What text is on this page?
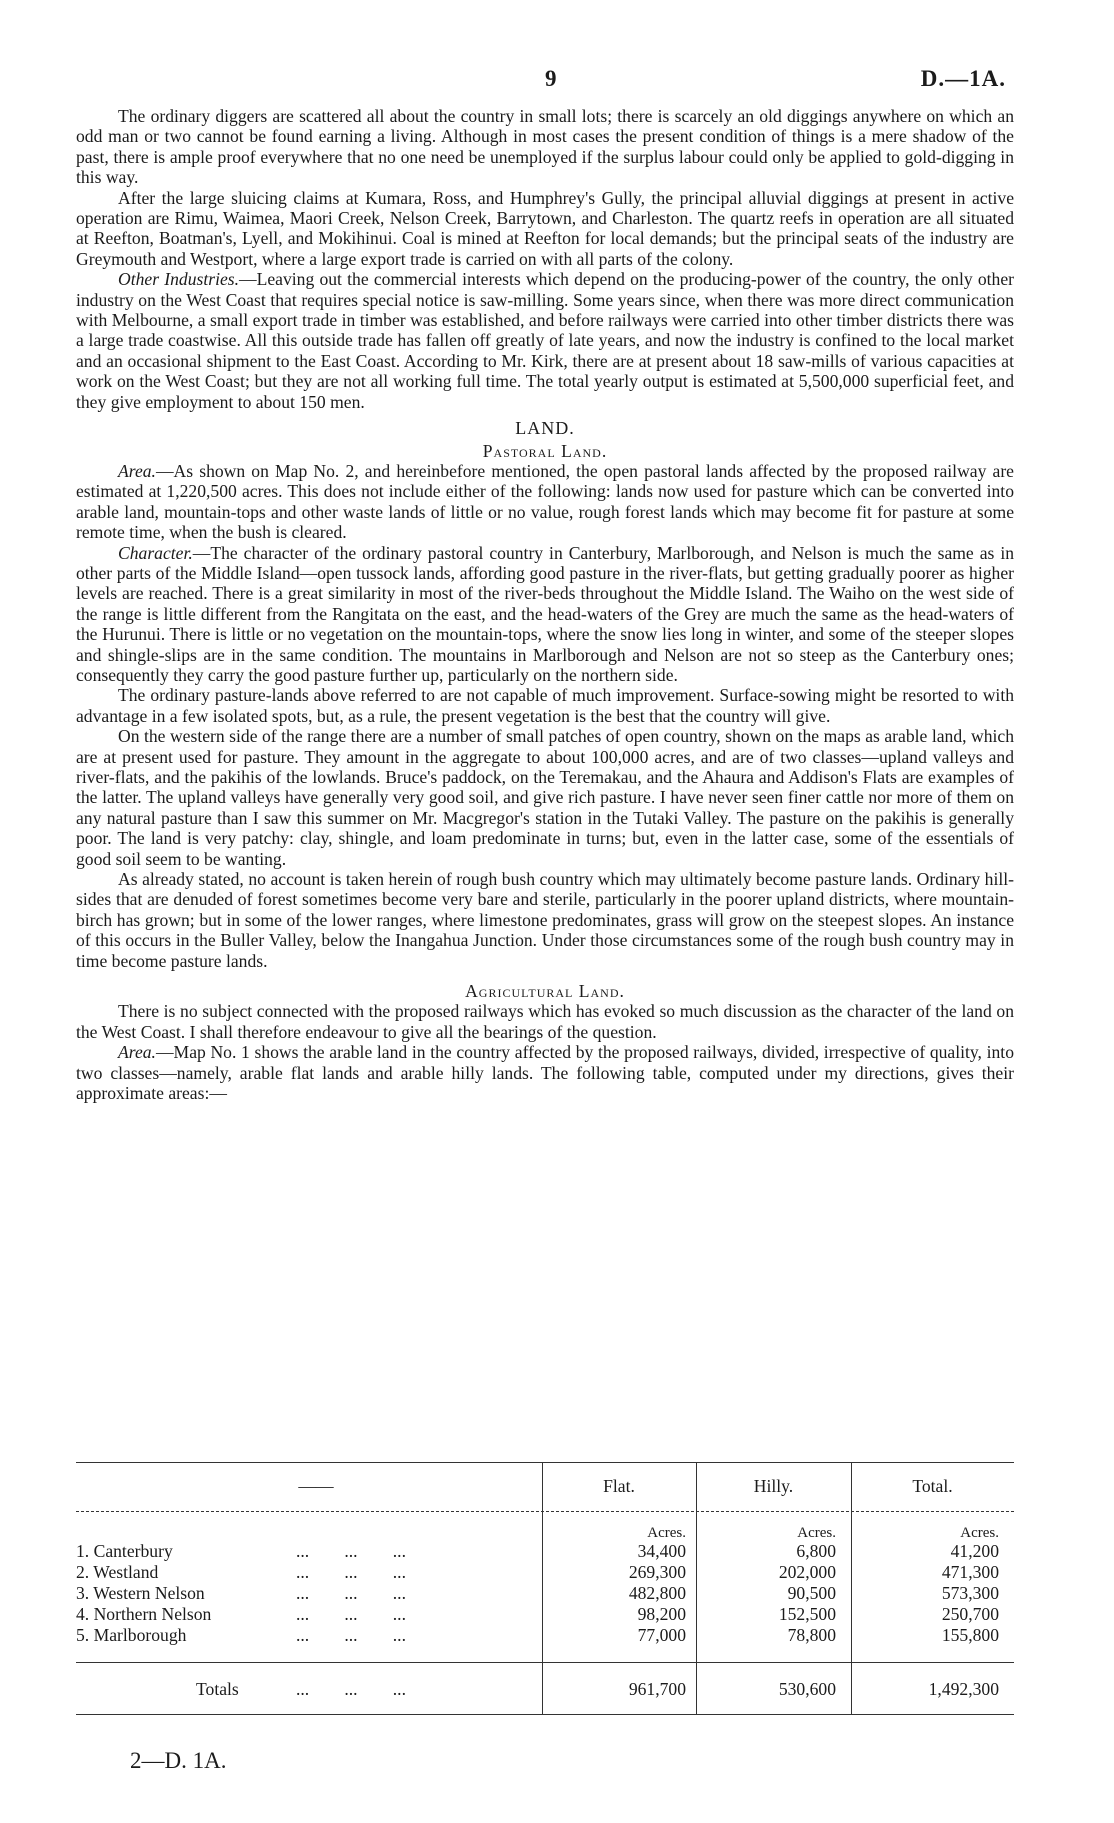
9	D.—1A.

The ordinary diggers are scattered all about the country in small lots; there is scarcely an old diggings anywhere on which an odd man or two cannot be found earning a living. Although in most cases the present condition of things is a mere shadow of the past, there is ample proof everywhere that no one need be unemployed if the surplus labour could only be applied to gold-digging in this way.

After the large sluicing claims at Kumara, Ross, and Humphrey's Gully, the principal alluvial diggings at present in active operation are Rimu, Waimea, Maori Creek, Nelson Creek, Barrytown, and Charleston. The quartz reefs in operation are all situated at Reefton, Boatman's, Lyell, and Mokihinui. Coal is mined at Reefton for local demands; but the principal seats of the industry are Greymouth and Westport, where a large export trade is carried on with all parts of the colony.

Other Industries.—Leaving out the commercial interests which depend on the producing-power of the country, the only other industry on the West Coast that requires special notice is saw-milling. Some years since, when there was more direct communication with Melbourne, a small export trade in timber was established, and before railways were carried into other timber districts there was a large trade coastwise. All this outside trade has fallen off greatly of late years, and now the industry is confined to the local market and an occasional shipment to the East Coast. According to Mr. Kirk, there are at present about 18 saw-mills of various capacities at work on the West Coast; but they are not all working full time. The total yearly output is estimated at 5,500,000 superficial feet, and they give employment to about 150 men.

LAND.
Pastoral Land.

Area.—As shown on Map No. 2, and hereinbefore mentioned, the open pastoral lands affected by the proposed railway are estimated at 1,220,500 acres. This does not include either of the following: lands now used for pasture which can be converted into arable land, mountain-tops and other waste lands of little or no value, rough forest lands which may become fit for pasture at some remote time, when the bush is cleared.

Character.—The character of the ordinary pastoral country in Canterbury, Marlborough, and Nelson is much the same as in other parts of the Middle Island—open tussock lands, affording good pasture in the river-flats, but getting gradually poorer as higher levels are reached. There is a great similarity in most of the river-beds throughout the Middle Island. The Waiho on the west side of the range is little different from the Rangitata on the east, and the head-waters of the Grey are much the same as the head-waters of the Hurunui. There is little or no vegetation on the mountain-tops, where the snow lies long in winter, and some of the steeper slopes and shingle-slips are in the same condition. The mountains in Marlborough and Nelson are not so steep as the Canterbury ones; consequently they carry the good pasture further up, particularly on the northern side.

The ordinary pasture-lands above referred to are not capable of much improvement. Surface-sowing might be resorted to with advantage in a few isolated spots, but, as a rule, the present vegetation is the best that the country will give.

On the western side of the range there are a number of small patches of open country, shown on the maps as arable land, which are at present used for pasture. They amount in the aggregate to about 100,000 acres, and are of two classes—upland valleys and river-flats, and the pakihis of the lowlands. Bruce's paddock, on the Teremakau, and the Ahaura and Addison's Flats are examples of the latter. The upland valleys have generally very good soil, and give rich pasture. I have never seen finer cattle nor more of them on any natural pasture than I saw this summer on Mr. Macgregor's station in the Tutaki Valley. The pasture on the pakihis is generally poor. The land is very patchy: clay, shingle, and loam predominate in turns; but, even in the latter case, some of the essentials of good soil seem to be wanting.

As already stated, no account is taken herein of rough bush country which may ultimately become pasture lands. Ordinary hill-sides that are denuded of forest sometimes become very bare and sterile, particularly in the poorer upland districts, where mountain-birch has grown; but in some of the lower ranges, where limestone predominates, grass will grow on the steepest slopes. An instance of this occurs in the Buller Valley, below the Inangahua Junction. Under those circumstances some of the rough bush country may in time become pasture lands.

Agricultural Land.

There is no subject connected with the proposed railways which has evoked so much discussion as the character of the land on the West Coast. I shall therefore endeavour to give all the bearings of the question.

Area.—Map No. 1 shows the arable land in the country affected by the proposed railways, divided, irrespective of quality, into two classes—namely, arable flat lands and arable hilly lands. The following table, computed under my directions, gives their approximate areas:—

——	Flat.	Hilly.	Total.
Acres.	Acres.	Acres.
1. Canterbury	...        ...        ...	34,400	6,800	41,200
2. Westland	...        ...        ...	269,300	202,000	471,300
3. Western Nelson	...        ...        ...	482,800	90,500	573,300
4. Northern Nelson	...        ...        ...	98,200	152,500	250,700
5. Marlborough	...        ...        ...	77,000	78,800	155,800
Totals	...        ...        ...	961,700	530,600	1,492,300
2—D. 1A.
